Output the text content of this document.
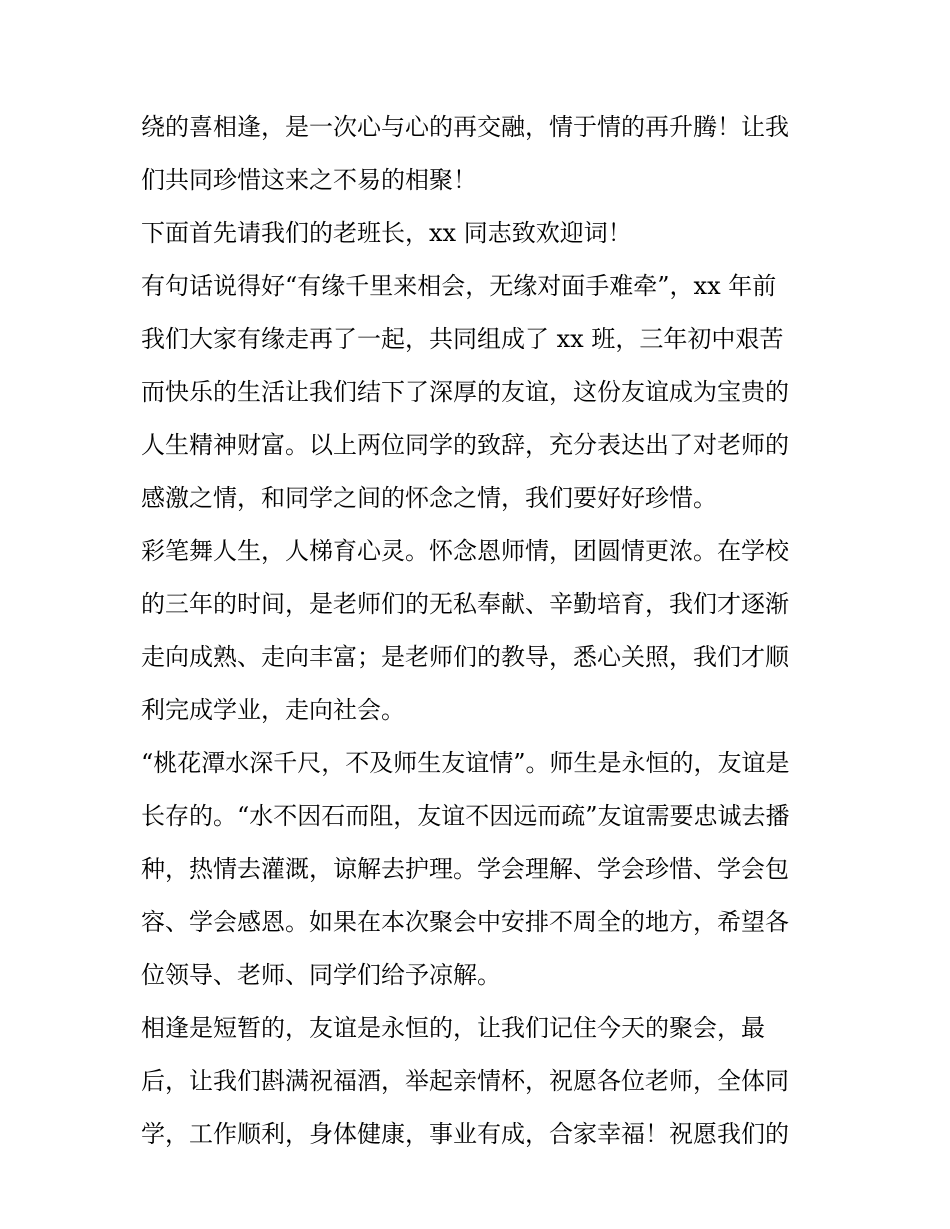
绕的喜相逢，是一次心与心的再交融，情于情的再升腾！让我
们共同珍惜这来之不易的相聚！
下面首先请我们的老班长，xx 同志致欢迎词！
有句话说得好“有缘千里来相会，无缘对面手难牵”，xx 年前
我们大家有缘走再了一起，共同组成了 xx 班，三年初中艰苦
而快乐的生活让我们结下了深厚的友谊，这份友谊成为宝贵的
人生精神财富。以上两位同学的致辞，充分表达出了对老师的
感激之情，和同学之间的怀念之情，我们要好好珍惜。
彩笔舞人生，人梯育心灵。怀念恩师情，团圆情更浓。在学校
的三年的时间，是老师们的无私奉献、辛勤培育，我们才逐渐
走向成熟、走向丰富；是老师们的教导，悉心关照，我们才顺
利完成学业，走向社会。
“桃花潭水深千尺，不及师生友谊情”。师生是永恒的，友谊是
长存的。“水不因石而阻，友谊不因远而疏”友谊需要忠诚去播
种，热情去灌溉，谅解去护理。学会理解、学会珍惜、学会包
容、学会感恩。如果在本次聚会中安排不周全的地方，希望各
位领导、老师、同学们给予凉解。
相逢是短暂的，友谊是永恒的，让我们记住今天的聚会，最
后，让我们斟满祝福酒，举起亲情杯，祝愿各位老师，全体同
学，工作顺利，身体健康，事业有成，合家幸福！祝愿我们的
